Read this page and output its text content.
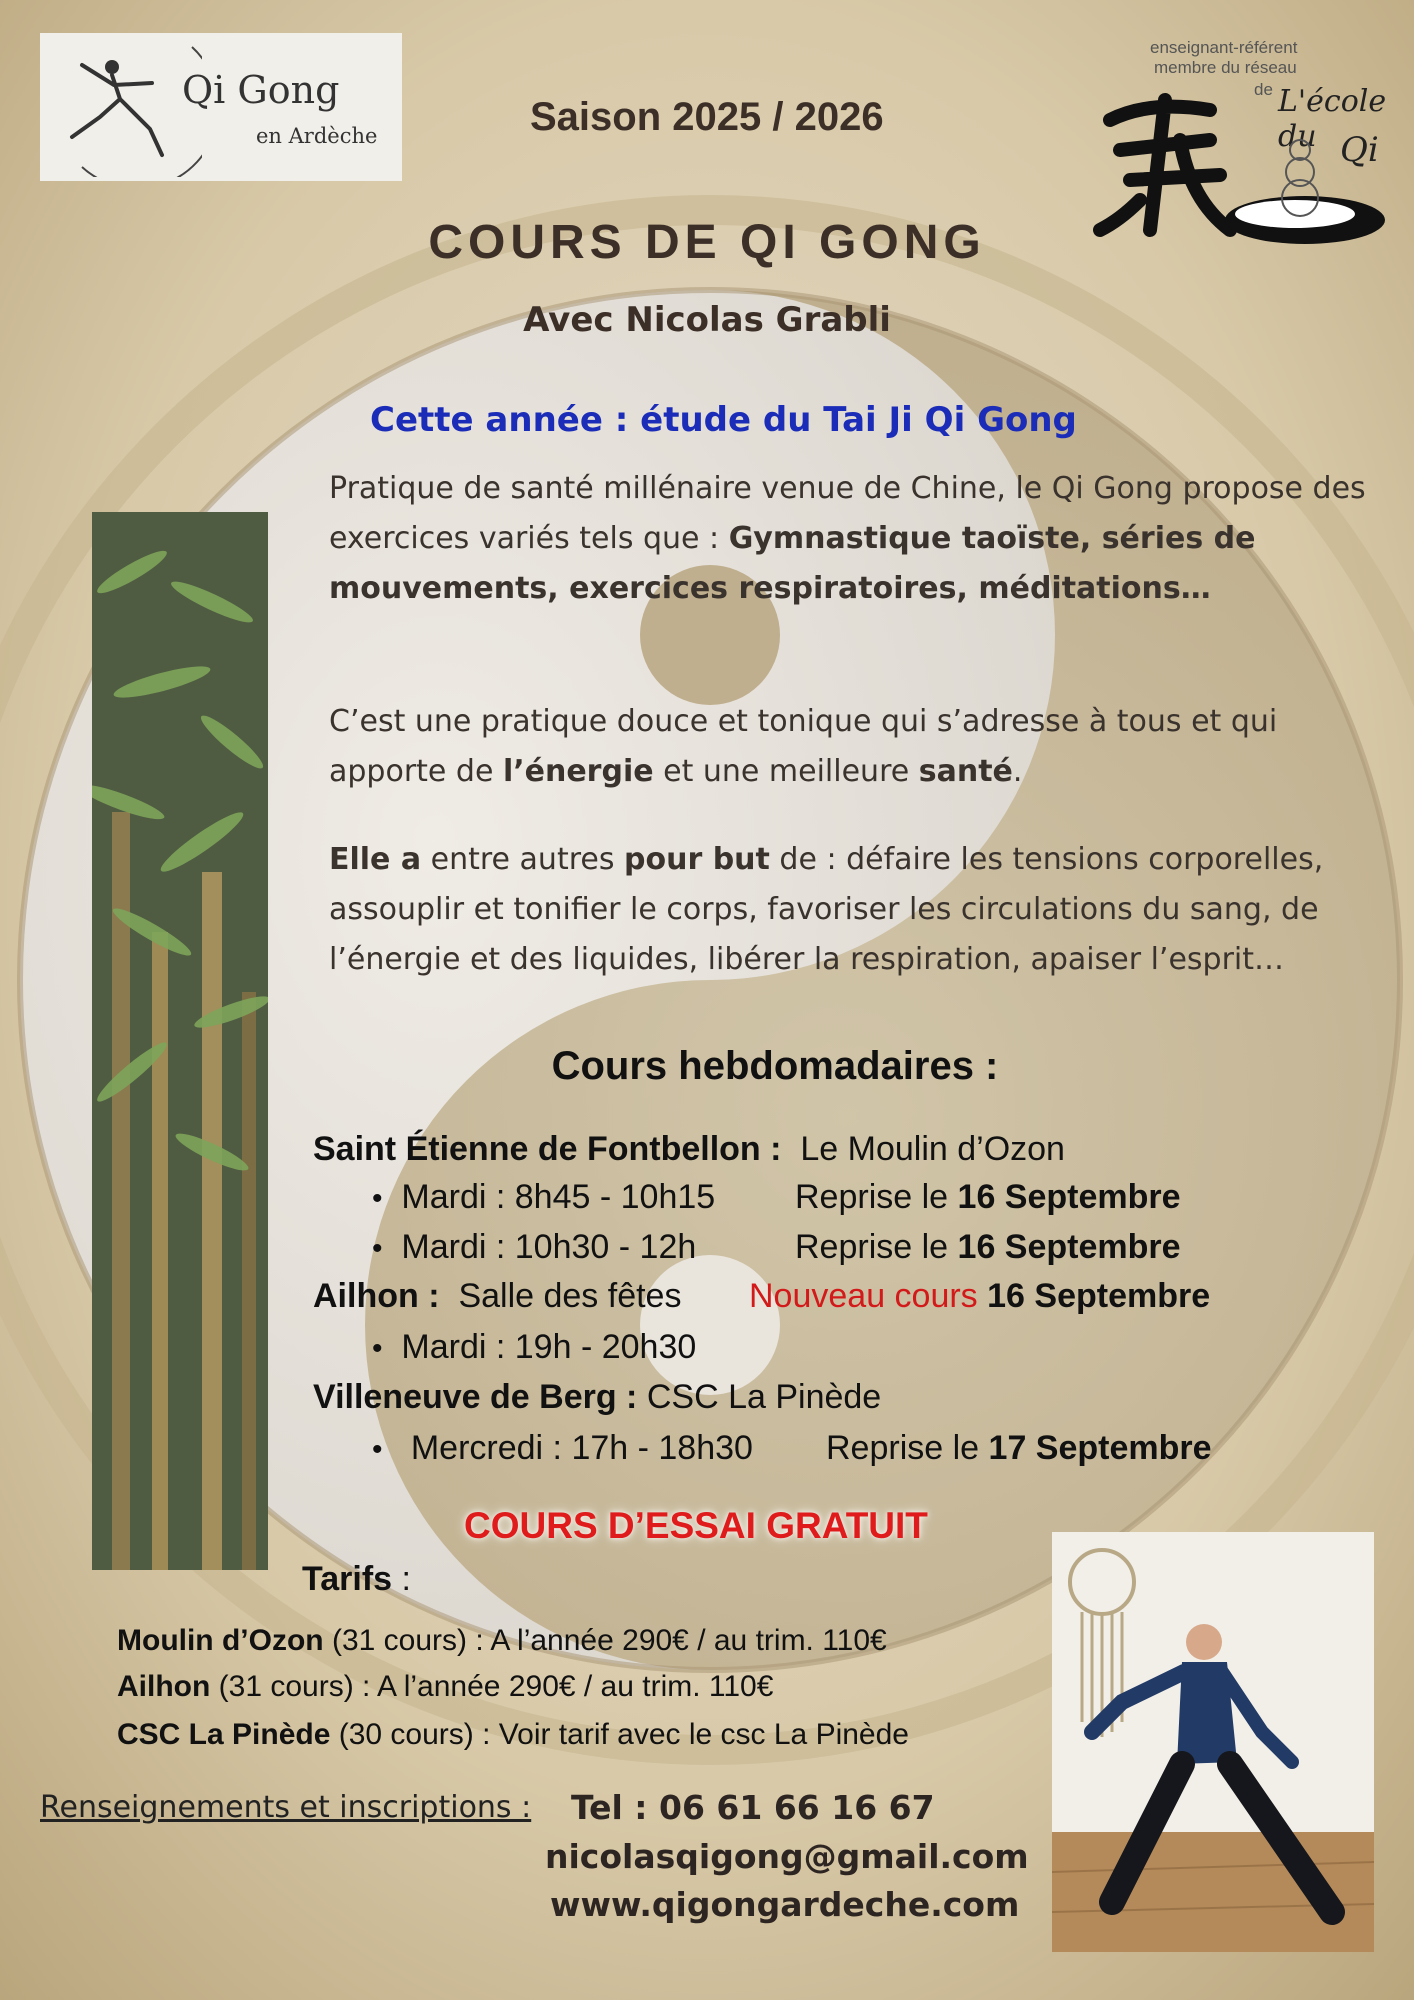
Qi Gong
en Ardèche	Saison 2025 / 2026
enseignant-référent
membre du réseau
de L'école du Qi
COURS DE QI GONG
Avec Nicolas Grabli
Cette année : étude du Tai Ji Qi Gong
Pratique de santé millénaire venue de Chine, le Qi Gong propose des exercices variés tels que : Gymnastique taoïste, séries de mouvements, exercices respiratoires, méditations…
C’est une pratique douce et tonique qui s’adresse à tous et qui apporte de l’énergie et une meilleure santé.
Elle a entre autres pour but de : défaire les tensions corporelles, assouplir et tonifier le corps, favoriser les circulations du sang, de l’énergie et des liquides, libérer la respiration, apaiser l’esprit…
Cours hebdomadaires :
Saint Étienne de Fontbellon : Le Moulin d’Ozon
• Mardi : 8h45 - 10h15 Reprise le 16 Septembre
• Mardi : 10h30 - 12h	Reprise le 16 Septembre
Ailhon : Salle des fêtes Nouveau cours 16 Septembre
• Mardi : 19h - 20h30
Villeneuve de Berg : CSC La Pinède
• Mercredi : 17h - 18h30 Reprise le 17 Septembre
COURS D’ESSAI GRATUIT
Tarifs :
Moulin d’Ozon (31 cours) : A l’année 290€ / au trim. 110€
Ailhon (31 cours) : A l’année 290€ / au trim. 110€
CSC La Pinède (30 cours) : Voir tarif avec le csc La Pinède
Renseignements et inscriptions : Tel : 06 61 66 16 67
nicolasqigong@gmail.com
www.qigongardeche.com
